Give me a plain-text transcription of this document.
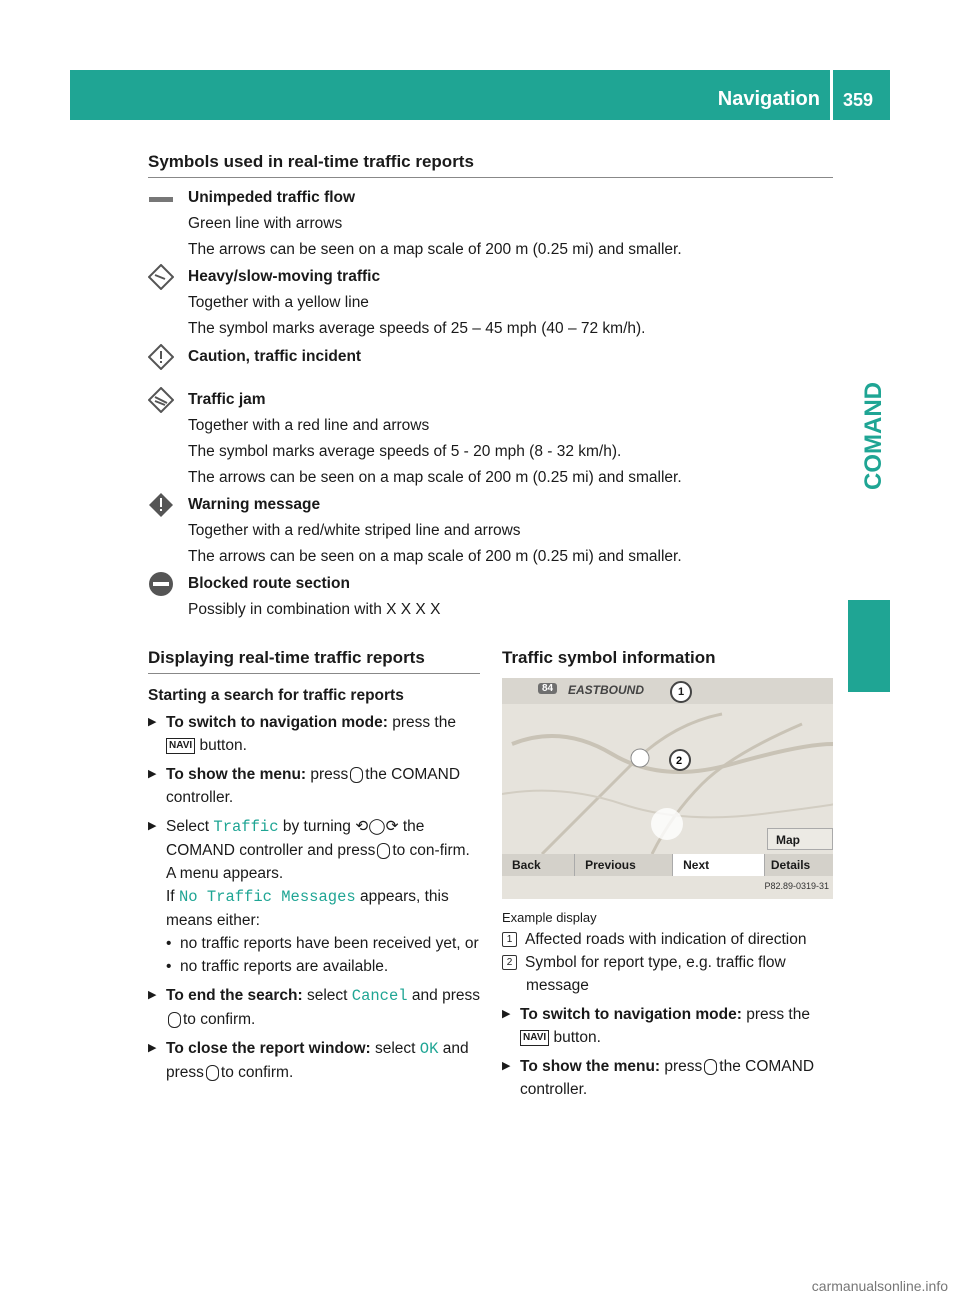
Navigation 359
COMAND
Symbols used in real-time traffic reports
Unimpeded traffic flow
Green line with arrows
The arrows can be seen on a map scale of 200 m (0.25 mi) and smaller.
Heavy/slow-moving traffic
Together with a yellow line
The symbol marks average speeds of 25 – 45 mph (40 – 72 km/h).
Caution, traffic incident
Traffic jam
Together with a red line and arrows
The symbol marks average speeds of 5 - 20 mph (8 - 32 km/h).
The arrows can be seen on a map scale of 200 m (0.25 mi) and smaller.
Warning message
Together with a red/white striped line and arrows
The arrows can be seen on a map scale of 200 m (0.25 mi) and smaller.
Blocked route section
Possibly in combination with X X X X
Displaying real-time traffic reports
Starting a search for traffic reports
▶ To switch to navigation mode: press the NAVI button.
▶ To show the menu: press the COMAND controller.
▶ Select Traffic by turning ⟲◯⟳ the COMAND controller and press to con-firm.
A menu appears.
If No Traffic Messages appears, this means either:
• no traffic reports have been received yet, or
• no traffic reports are available.
▶ To end the search: select Cancel and pressto confirm.
▶ To close the report window: select OK and press to confirm.
Traffic symbol information
84	EASTBOUND	1
2
Map
Back	Previous	Next	Details
P82.89-0319-31
Example display
1 Affected roads with indication of direction
2 Symbol for report type, e.g. traffic flow message
▶ To switch to navigation mode: press the NAVI button.
▶ To show the menu: press the COMAND controller.
carmanualsonline.info
